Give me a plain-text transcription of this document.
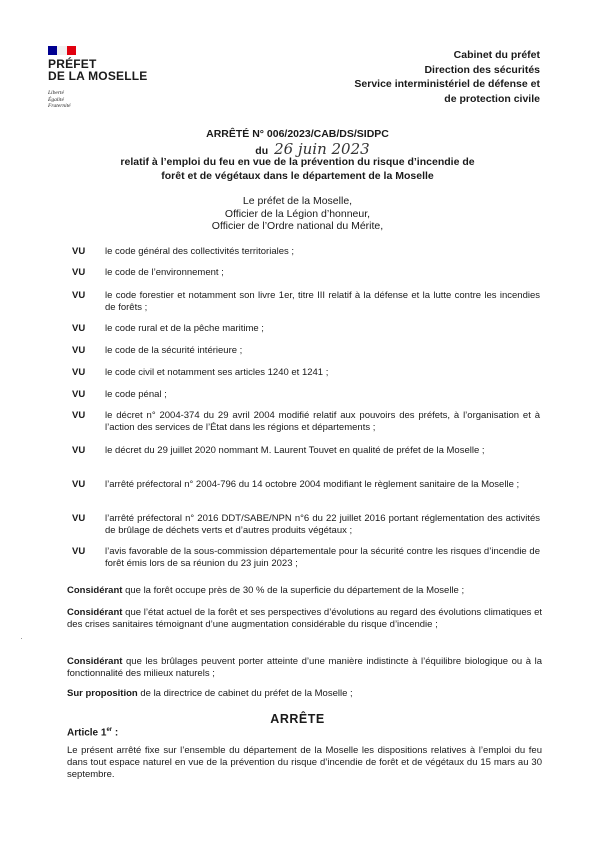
PRÉFET
DE LA MOSELLE
Liberté
Égalité
Fraternité
Cabinet du préfet
Direction des sécurités
Service interministériel de défense et
de protection civile
ARRÊTÉ N° 006/2023/CAB/DS/SIDPC
du 26 juin 2023
relatif à l’emploi du feu en vue de la prévention du risque d’incendie de
forêt et de végétaux dans le département de la Moselle
Le préfet de la Moselle,
Officier de la Légion d’honneur,
Officier de l’Ordre national du Mérite,
VU le code général des collectivités territoriales ;
VU le code de l’environnement ;
VU le code forestier et notamment son livre 1er, titre III relatif à la défense et la lutte contre les incendies de forêts ;
VU le code rural et de la pêche maritime ;
VU le code de la sécurité intérieure ;
VU le code civil et notamment ses articles 1240 et 1241 ;
VU le code pénal ;
VU le décret n° 2004-374 du 29 avril 2004 modifié relatif aux pouvoirs des préfets, à l’organisation et à l’action des services de l’État dans les régions et départements ;
VU le décret du 29 juillet 2020 nommant M. Laurent Touvet en qualité de préfet de la Moselle ;
VU l’arrêté préfectoral n° 2004-796 du 14 octobre 2004 modifiant le règlement sanitaire de la Moselle ;
VU l’arrêté préfectoral n° 2016 DDT/SABE/NPN n°6 du 22 juillet 2016 portant réglementation des activités de brûlage de déchets verts et d’autres produits végétaux ;
VU l’avis favorable de la sous-commission départementale pour la sécurité contre les risques d’incendie de forêt émis lors de sa réunion du 23 juin 2023 ;
Considérant que la forêt occupe près de 30 % de la superficie du département de la Moselle ;
Considérant que l’état actuel de la forêt et ses perspectives d’évolutions au regard des évolutions climatiques et des crises sanitaires témoignant d’une augmentation considérable du risque d’incendie ;
Considérant que les brûlages peuvent porter atteinte d’une manière indistincte à l’équilibre biologique ou à la fonctionnalité des milieux naturels ;
Sur proposition de la directrice de cabinet du préfet de la Moselle ;
·
ARRÊTE
Article 1er :
Le présent arrêté fixe sur l’ensemble du département de la Moselle les dispositions relatives à l’emploi du feu dans tout espace naturel en vue de la prévention du risque d’incendie de forêt et de végétaux du 15 mars au 30 septembre.
